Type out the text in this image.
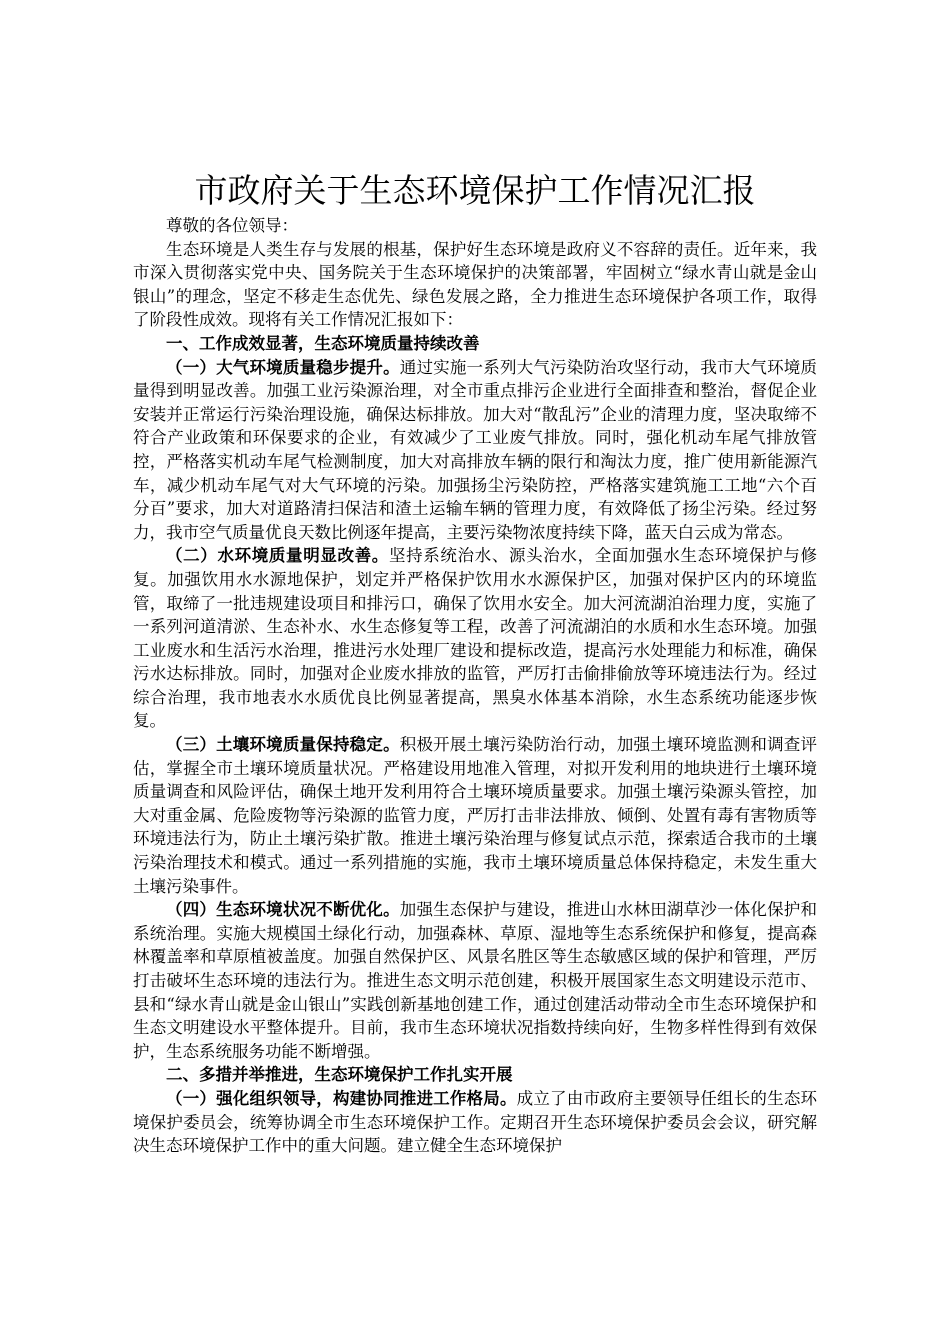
市政府关于生态环境保护工作情况汇报

尊敬的各位领导：

生态环境是人类生存与发展的根基，保护好生态环境是政府义不容辞的责任。近年来，我市深入贯彻落实党中央、国务院关于生态环境保护的决策部署，牢固树立“绿水青山就是金山银山”的理念，坚定不移走生态优先、绿色发展之路，全力推进生态环境保护各项工作，取得了阶段性成效。现将有关工作情况汇报如下：

一、工作成效显著，生态环境质量持续改善

（一）大气环境质量稳步提升。通过实施一系列大气污染防治攻坚行动，我市大气环境质量得到明显改善。加强工业污染源治理，对全市重点排污企业进行全面排查和整治，督促企业安装并正常运行污染治理设施，确保达标排放。加大对“散乱污”企业的清理力度，坚决取缔不符合产业政策和环保要求的企业，有效减少了工业废气排放。同时，强化机动车尾气排放管控，严格落实机动车尾气检测制度，加大对高排放车辆的限行和淘汰力度，推广使用新能源汽车，减少机动车尾气对大气环境的污染。加强扬尘污染防控，严格落实建筑施工工地“六个百分百”要求，加大对道路清扫保洁和渣土运输车辆的管理力度，有效降低了扬尘污染。经过努力，我市空气质量优良天数比例逐年提高，主要污染物浓度持续下降，蓝天白云成为常态。

（二）水环境质量明显改善。坚持系统治水、源头治水，全面加强水生态环境保护与修复。加强饮用水水源地保护，划定并严格保护饮用水水源保护区，加强对保护区内的环境监管，取缔了一批违规建设项目和排污口，确保了饮用水安全。加大河流湖泊治理力度，实施了一系列河道清淤、生态补水、水生态修复等工程，改善了河流湖泊的水质和水生态环境。加强工业废水和生活污水治理，推进污水处理厂建设和提标改造，提高污水处理能力和标准，确保污水达标排放。同时，加强对企业废水排放的监管，严厉打击偷排偷放等环境违法行为。经过综合治理，我市地表水水质优良比例显著提高，黑臭水体基本消除，水生态系统功能逐步恢复。

（三）土壤环境质量保持稳定。积极开展土壤污染防治行动，加强土壤环境监测和调查评估，掌握全市土壤环境质量状况。严格建设用地准入管理，对拟开发利用的地块进行土壤环境质量调查和风险评估，确保土地开发利用符合土壤环境质量要求。加强土壤污染源头管控，加大对重金属、危险废物等污染源的监管力度，严厉打击非法排放、倾倒、处置有毒有害物质等环境违法行为，防止土壤污染扩散。推进土壤污染治理与修复试点示范，探索适合我市的土壤污染治理技术和模式。通过一系列措施的实施，我市土壤环境质量总体保持稳定，未发生重大土壤污染事件。

（四）生态环境状况不断优化。加强生态保护与建设，推进山水林田湖草沙一体化保护和系统治理。实施大规模国土绿化行动，加强森林、草原、湿地等生态系统保护和修复，提高森林覆盖率和草原植被盖度。加强自然保护区、风景名胜区等生态敏感区域的保护和管理，严厉打击破坏生态环境的违法行为。推进生态文明示范创建，积极开展国家生态文明建设示范市、县和“绿水青山就是金山银山”实践创新基地创建工作，通过创建活动带动全市生态环境保护和生态文明建设水平整体提升。目前，我市生态环境状况指数持续向好，生物多样性得到有效保护，生态系统服务功能不断增强。

二、多措并举推进，生态环境保护工作扎实开展

（一）强化组织领导，构建协同推进工作格局。成立了由市政府主要领导任组长的生态环境保护委员会，统筹协调全市生态环境保护工作。定期召开生态环境保护委员会会议，研究解决生态环境保护工作中的重大问题。建立健全生态环境保护
